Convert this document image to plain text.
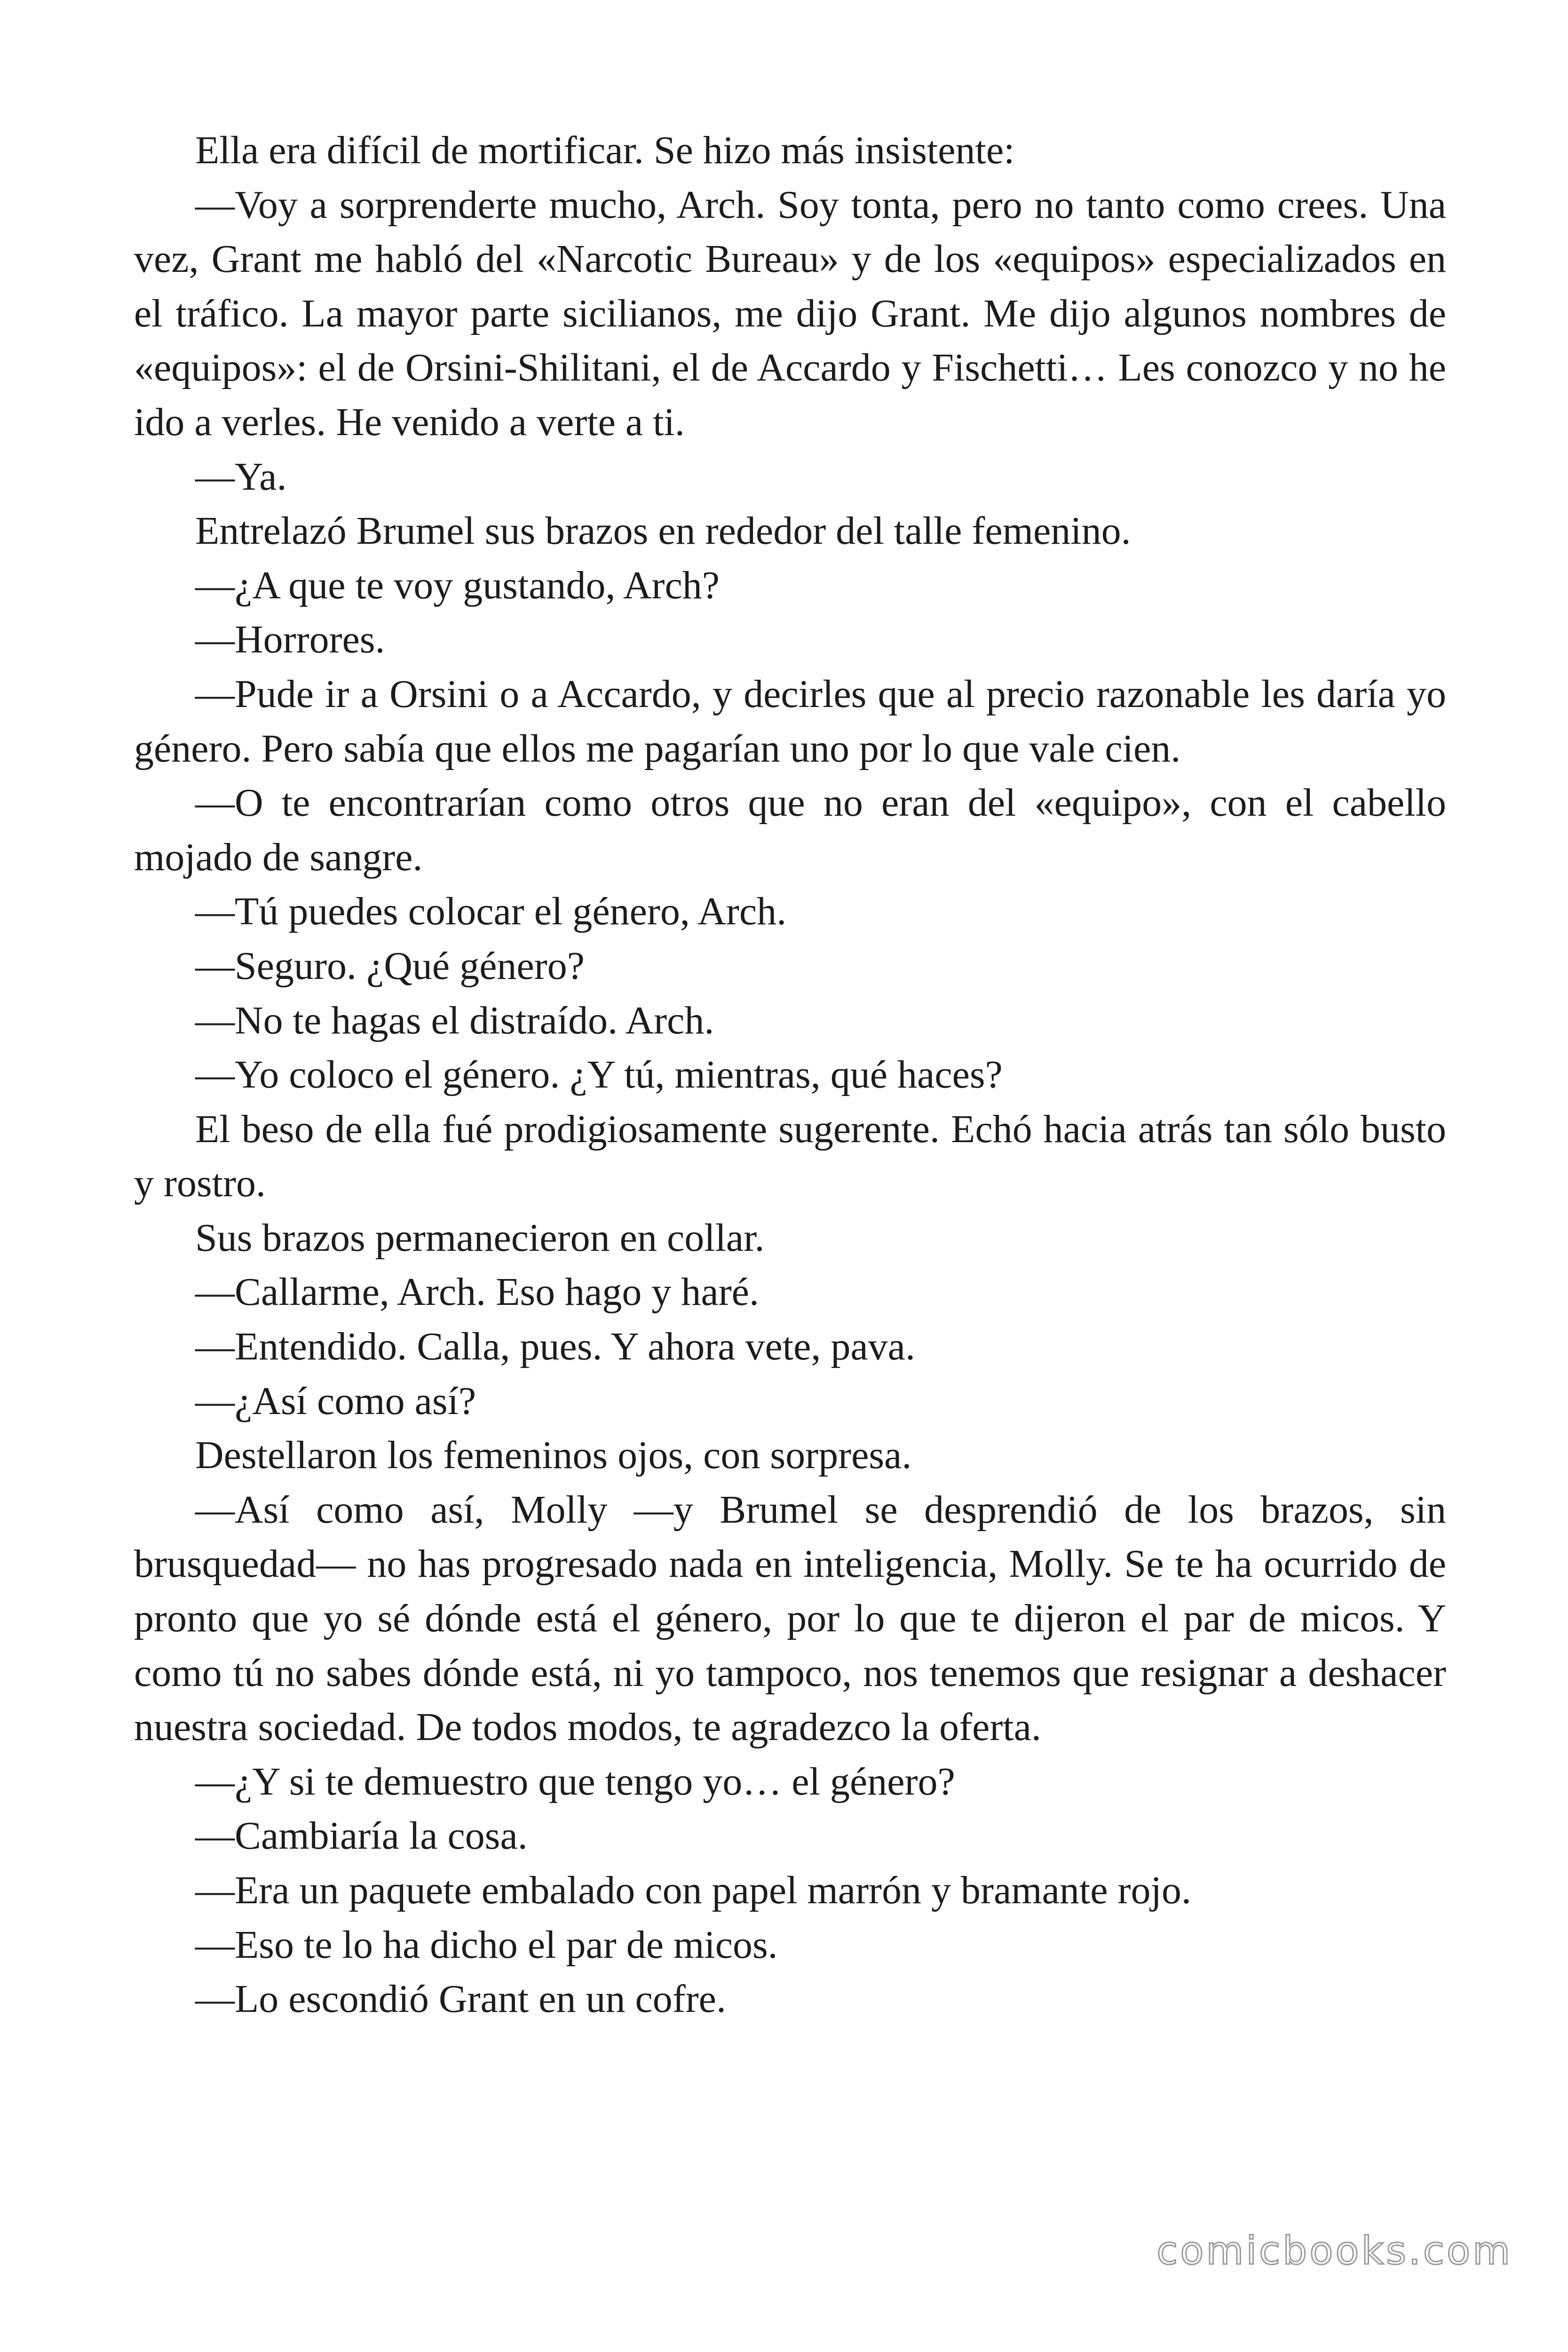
Ella era difícil de mortificar. Se hizo más insistente:

—Voy a sorprenderte mucho, Arch. Soy tonta, pero no tanto como crees. Una vez, Grant me habló del «Narcotic Bureau» y de los «equipos» especializados en el tráfico. La mayor parte sicilianos, me dijo Grant. Me dijo algunos nombres de «equipos»: el de Orsini-Shilitani, el de Accardo y Fischetti… Les conozco y no he ido a verles. He venido a verte a ti.

—Ya.

Entrelazó Brumel sus brazos en rededor del talle femenino.

—¿A que te voy gustando, Arch?

—Horrores.

—Pude ir a Orsini o a Accardo, y decirles que al precio razonable les daría yo género. Pero sabía que ellos me pagarían uno por lo que vale cien.

—O te encontrarían como otros que no eran del «equipo», con el cabello mojado de sangre.

—Tú puedes colocar el género, Arch.

—Seguro. ¿Qué género?

—No te hagas el distraído. Arch.

—Yo coloco el género. ¿Y tú, mientras, qué haces?

El beso de ella fué prodigiosamente sugerente. Echó hacia atrás tan sólo busto y rostro.

Sus brazos permanecieron en collar.

—Callarme, Arch. Eso hago y haré.

—Entendido. Calla, pues. Y ahora vete, pava.

—¿Así como así?

Destellaron los femeninos ojos, con sorpresa.

—Así como así, Molly —y Brumel se desprendió de los brazos, sin brusquedad— no has progresado nada en inteligencia, Molly. Se te ha ocurrido de pronto que yo sé dónde está el género, por lo que te dijeron el par de micos. Y como tú no sabes dónde está, ni yo tampoco, nos tenemos que resignar a deshacer nuestra sociedad. De todos modos, te agradezco la oferta.

—¿Y si te demuestro que tengo yo… el género?

—Cambiaría la cosa.

—Era un paquete embalado con papel marrón y bramante rojo.

—Eso te lo ha dicho el par de micos.

—Lo escondió Grant en un cofre.

comicbooks.com
